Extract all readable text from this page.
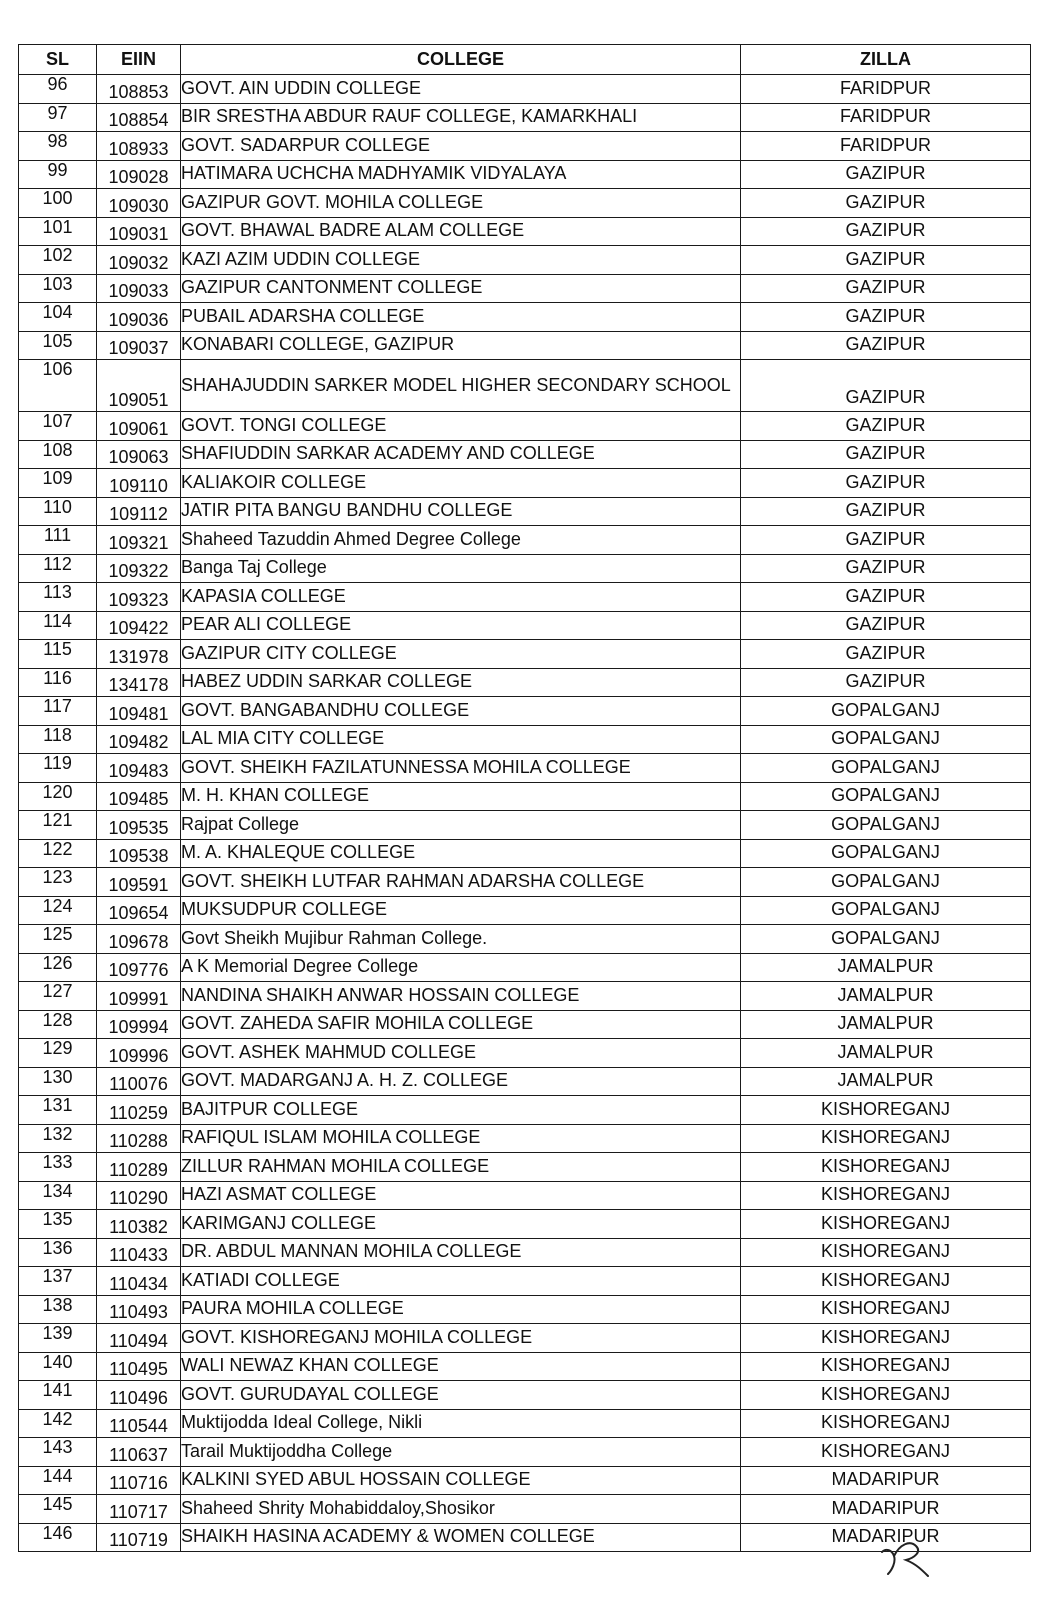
SL	EIIN	COLLEGE	ZILLA
96	108853	GOVT. AIN UDDIN COLLEGE	FARIDPUR
97	108854	BIR SRESTHA ABDUR RAUF COLLEGE, KAMARKHALI	FARIDPUR
98	108933	GOVT. SADARPUR COLLEGE	FARIDPUR
99	109028	HATIMARA UCHCHA MADHYAMIK VIDYALAYA	GAZIPUR
100	109030	GAZIPUR GOVT. MOHILA COLLEGE	GAZIPUR
101	109031	GOVT. BHAWAL BADRE ALAM COLLEGE	GAZIPUR
102	109032	KAZI AZIM UDDIN COLLEGE	GAZIPUR
103	109033	GAZIPUR CANTONMENT COLLEGE	GAZIPUR
104	109036	PUBAIL ADARSHA COLLEGE	GAZIPUR
105	109037	KONABARI COLLEGE, GAZIPUR	GAZIPUR
106	109051	SHAHAJUDDIN SARKER MODEL HIGHER SECONDARY SCHOOL	GAZIPUR
107	109061	GOVT. TONGI COLLEGE	GAZIPUR
108	109063	SHAFIUDDIN SARKAR ACADEMY AND COLLEGE	GAZIPUR
109	109110	KALIAKOIR COLLEGE	GAZIPUR
110	109112	JATIR PITA BANGU BANDHU COLLEGE	GAZIPUR
111	109321	Shaheed Tazuddin Ahmed Degree College	GAZIPUR
112	109322	Banga Taj College	GAZIPUR
113	109323	KAPASIA COLLEGE	GAZIPUR
114	109422	PEAR ALI COLLEGE	GAZIPUR
115	131978	GAZIPUR CITY COLLEGE	GAZIPUR
116	134178	HABEZ UDDIN SARKAR COLLEGE	GAZIPUR
117	109481	GOVT. BANGABANDHU COLLEGE	GOPALGANJ
118	109482	LAL MIA CITY COLLEGE	GOPALGANJ
119	109483	GOVT. SHEIKH FAZILATUNNESSA MOHILA COLLEGE	GOPALGANJ
120	109485	M. H. KHAN COLLEGE	GOPALGANJ
121	109535	Rajpat College	GOPALGANJ
122	109538	M. A. KHALEQUE COLLEGE	GOPALGANJ
123	109591	GOVT. SHEIKH LUTFAR RAHMAN ADARSHA COLLEGE	GOPALGANJ
124	109654	MUKSUDPUR COLLEGE	GOPALGANJ
125	109678	Govt Sheikh Mujibur Rahman College.	GOPALGANJ
126	109776	A K Memorial Degree College	JAMALPUR
127	109991	NANDINA SHAIKH ANWAR HOSSAIN COLLEGE	JAMALPUR
128	109994	GOVT. ZAHEDA SAFIR MOHILA COLLEGE	JAMALPUR
129	109996	GOVT. ASHEK MAHMUD COLLEGE	JAMALPUR
130	110076	GOVT. MADARGANJ A. H. Z. COLLEGE	JAMALPUR
131	110259	BAJITPUR COLLEGE	KISHOREGANJ
132	110288	RAFIQUL ISLAM MOHILA COLLEGE	KISHOREGANJ
133	110289	ZILLUR RAHMAN MOHILA COLLEGE	KISHOREGANJ
134	110290	HAZI ASMAT COLLEGE	KISHOREGANJ
135	110382	KARIMGANJ COLLEGE	KISHOREGANJ
136	110433	DR. ABDUL MANNAN MOHILA COLLEGE	KISHOREGANJ
137	110434	KATIADI COLLEGE	KISHOREGANJ
138	110493	PAURA MOHILA COLLEGE	KISHOREGANJ
139	110494	GOVT. KISHOREGANJ MOHILA COLLEGE	KISHOREGANJ
140	110495	WALI NEWAZ KHAN COLLEGE	KISHOREGANJ
141	110496	GOVT. GURUDAYAL COLLEGE	KISHOREGANJ
142	110544	Muktijodda Ideal College, Nikli	KISHOREGANJ
143	110637	Tarail Muktijoddha College	KISHOREGANJ
144	110716	KALKINI SYED ABUL HOSSAIN COLLEGE	MADARIPUR
145	110717	Shaheed Shrity Mohabiddaloy,Shosikor	MADARIPUR
146	110719	SHAIKH HASINA ACADEMY & WOMEN COLLEGE	MADARIPUR
